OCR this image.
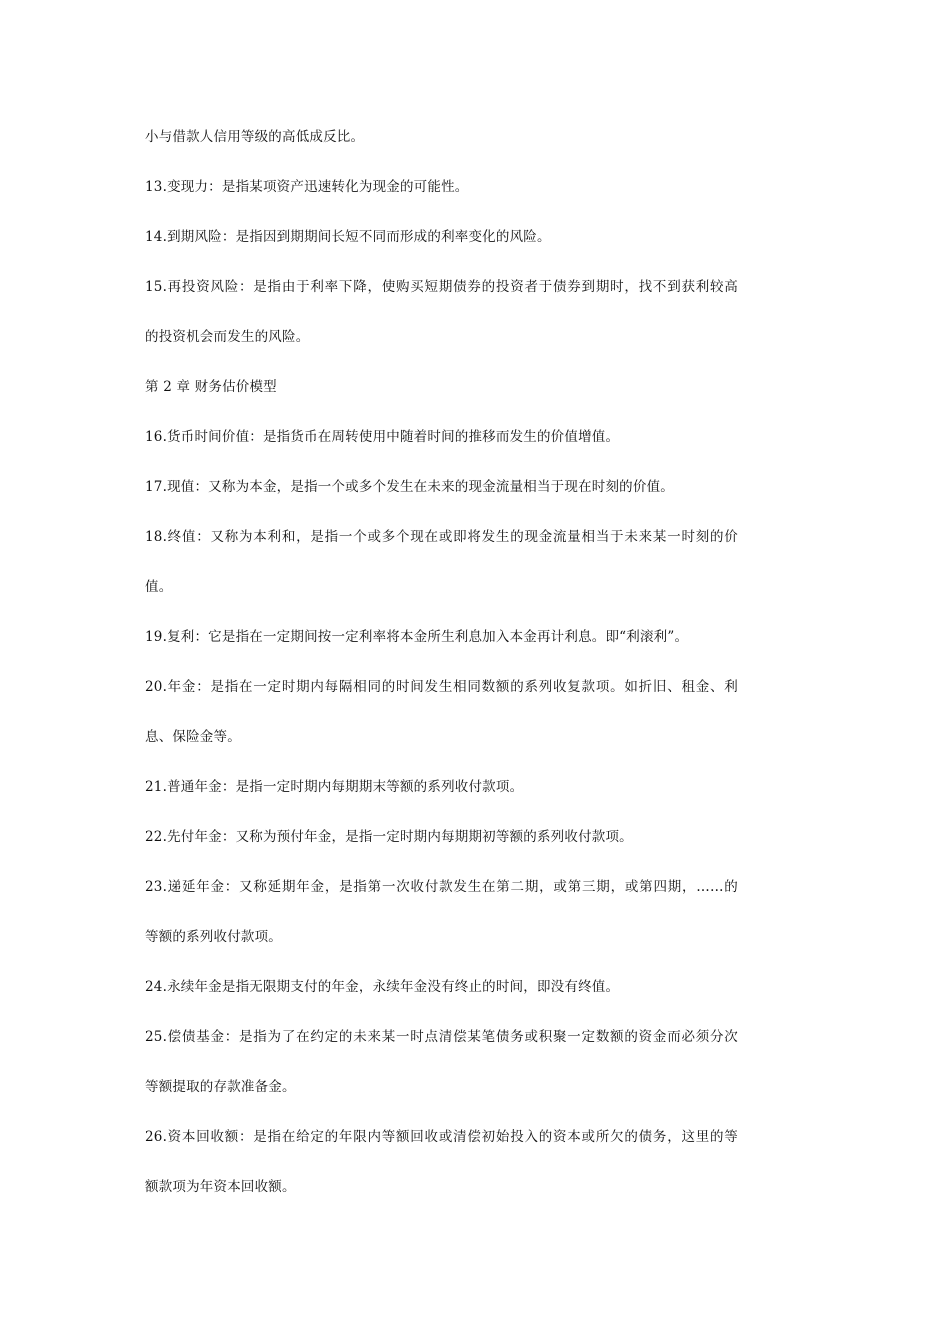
小与借款人信用等级的高低成反比。
13.变现力：是指某项资产迅速转化为现金的可能性。
14.到期风险：是指因到期期间长短不同而形成的利率变化的风险。
15.再投资风险：是指由于利率下降，使购买短期债券的投资者于债券到期时，找不到获利较高
的投资机会而发生的风险。
第 2 章 财务估价模型
16.货币时间价值：是指货币在周转使用中随着时间的推移而发生的价值增值。
17.现值：又称为本金，是指一个或多个发生在未来的现金流量相当于现在时刻的价值。
18.终值：又称为本利和，是指一个或多个现在或即将发生的现金流量相当于未来某一时刻的价
值。
19.复利：它是指在一定期间按一定利率将本金所生利息加入本金再计利息。即“利滚利”。
20.年金：是指在一定时期内每隔相同的时间发生相同数额的系列收复款项。如折旧、租金、利
息、保险金等。
21.普通年金：是指一定时期内每期期末等额的系列收付款项。
22.先付年金：又称为预付年金，是指一定时期内每期期初等额的系列收付款项。
23.递延年金：又称延期年金，是指第一次收付款发生在第二期，或第三期，或第四期，……的
等额的系列收付款项。
24.永续年金是指无限期支付的年金，永续年金没有终止的时间，即没有终值。
25.偿债基金：是指为了在约定的未来某一时点清偿某笔债务或积聚一定数额的资金而必须分次
等额提取的存款准备金。
26.资本回收额：是指在给定的年限内等额回收或清偿初始投入的资本或所欠的债务，这里的等
额款项为年资本回收额。
